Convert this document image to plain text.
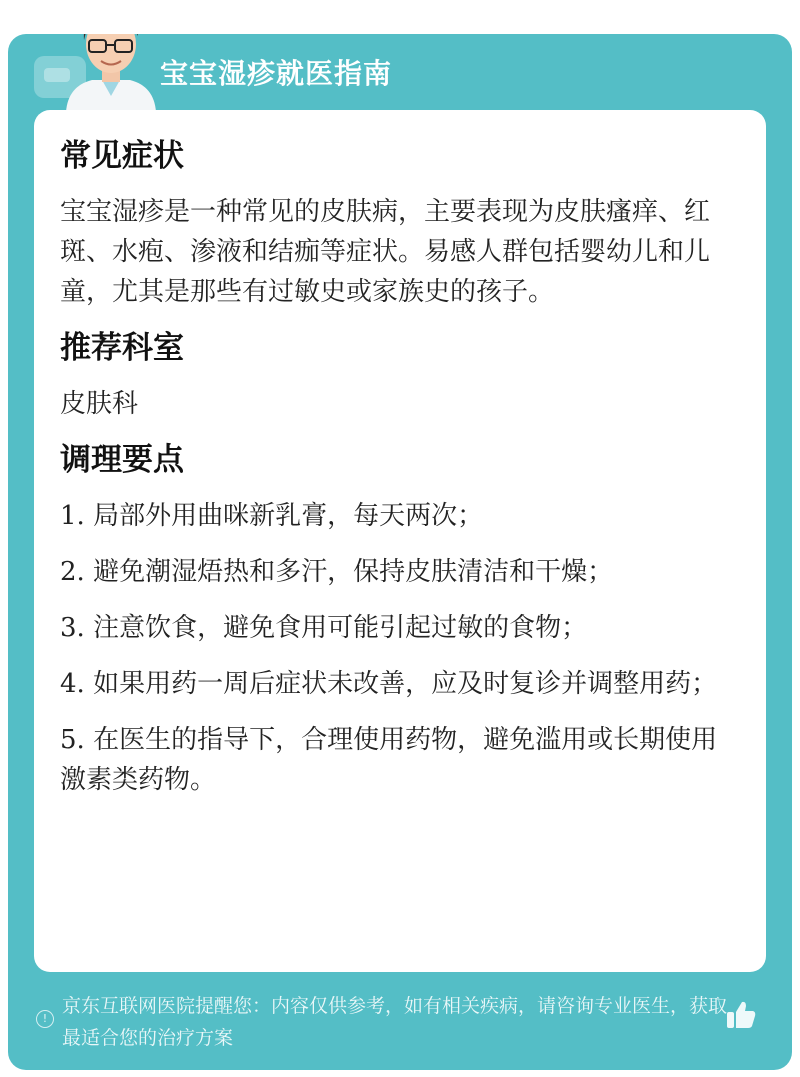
宝宝湿疹就医指南
常见症状
宝宝湿疹是一种常见的皮肤病，主要表现为皮肤瘙痒、红斑、水疱、渗液和结痂等症状。易感人群包括婴幼儿和儿童，尤其是那些有过敏史或家族史的孩子。
推荐科室
皮肤科
调理要点
1. 局部外用曲咪新乳膏，每天两次；
2. 避免潮湿焐热和多汗，保持皮肤清洁和干燥；
3. 注意饮食，避免食用可能引起过敏的食物；
4. 如果用药一周后症状未改善，应及时复诊并调整用药；
5. 在医生的指导下，合理使用药物，避免滥用或长期使用激素类药物。
!
京东互联网医院提醒您：内容仅供参考，如有相关疾病，请咨询专业医生，获取最适合您的治疗方案
